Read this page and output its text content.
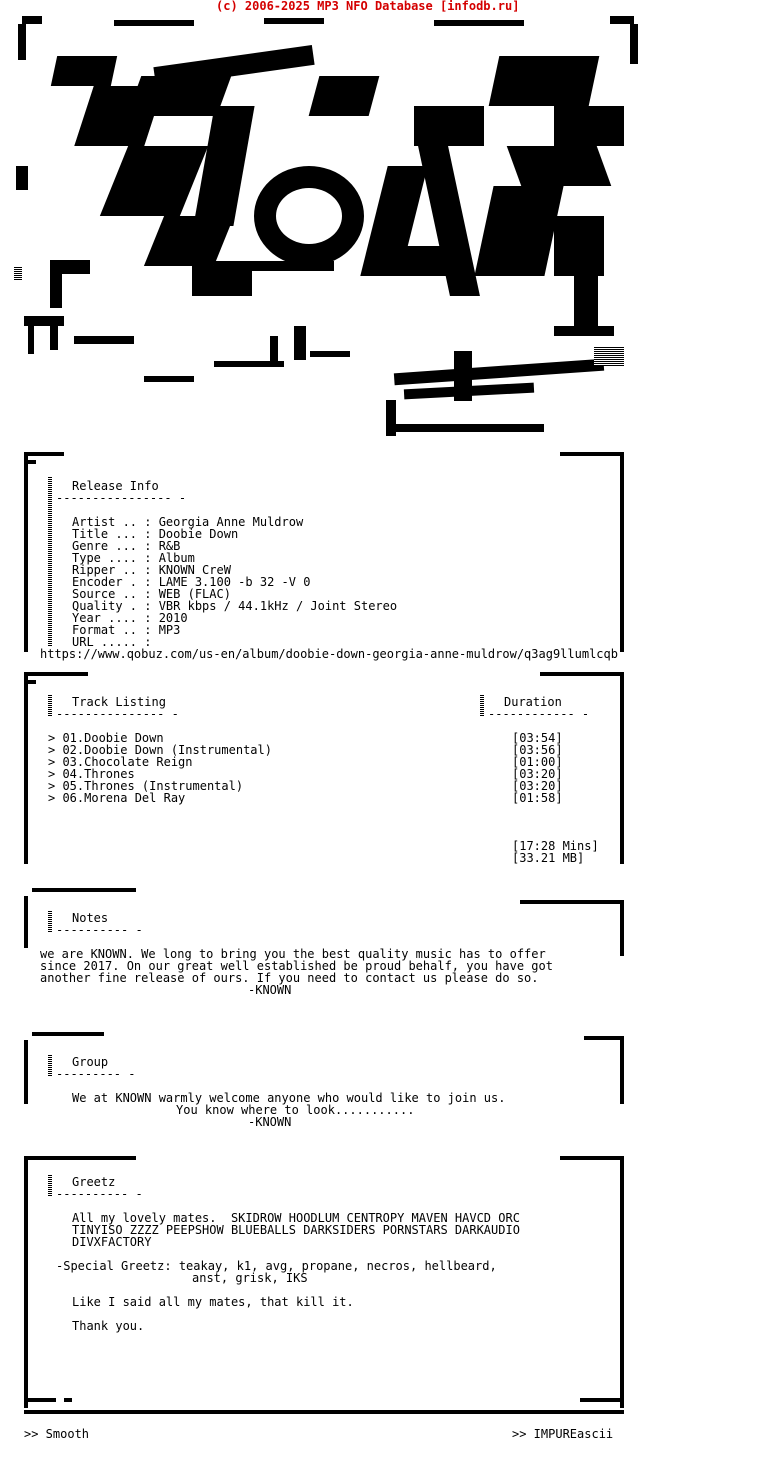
(c) 2006-2025 MP3 NFO Database [infodb.ru]
sM
Release Info
---------------- -
Artist .. : Georgia Anne Muldrow
Title ... : Doobie Down
Genre ... : R&B
Type .... : Album
Ripper .. : KNOWN CreW
Encoder . : LAME 3.100 -b 32 -V 0
Source .. : WEB (FLAC)
Quality . : VBR kbps / 44.1kHz / Joint Stereo
Year .... : 2010
Format .. : MP3
URL ..... :
https://www.qobuz.com/us-en/album/doobie-down-georgia-anne-muldrow/q3ag9llumlcqb
Track Listing
--------------- -
Duration
------------ -
> 01.Doobie Down	[03:54]
> 02.Doobie Down (Instrumental)	[03:56]
> 03.Chocolate Reign	[01:00]
> 04.Thrones	[03:20]
> 05.Thrones (Instrumental)	[03:20]
> 06.Morena Del Ray	[01:58]
[17:28 Mins]
[33.21 MB]
Notes
---------- -
we are KNOWN. We long to bring you the best quality music has to offer
since 2017. On our great well established be proud behalf, you have got
another fine release of ours. If you need to contact us please do so.
-KNOWN
Group
--------- -
We at KNOWN warmly welcome anyone who would like to join us.
You know where to look...........
-KNOWN
Greetz
---------- -
All my lovely mates.  SKIDROW HOODLUM CENTROPY MAVEN HAVCD ORC
TINYISO ZZZZ PEEPSHOW BLUEBALLS DARKSIDERS PORNSTARS DARKAUDIO
DIVXFACTORY
-Special Greetz: teakay, k1, avg, propane, necros, hellbeard,
anst, grisk, IKS
Like I said all my mates, that kill it.
Thank you.
>> Smooth	>> IMPUREascii
